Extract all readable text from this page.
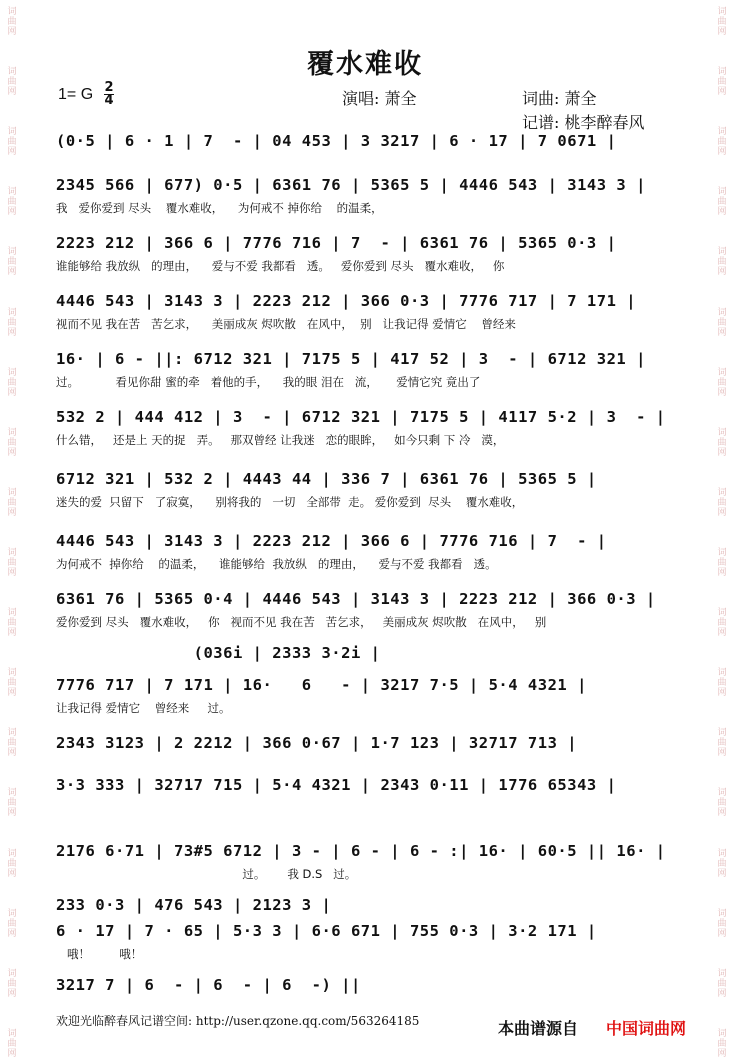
词曲网
词曲网
词曲网
词曲网
词曲网
词曲网
词曲网
词曲网
词曲网
词曲网
词曲网
词曲网
词曲网
词曲网
词曲网
词曲网
词曲网
词曲网
词曲网
词曲网
词曲网
词曲网
词曲网
词曲网
词曲网
词曲网
词曲网
词曲网
词曲网
词曲网
词曲网
词曲网
词曲网
词曲网
词曲网
词曲网
覆水难收
1= G 2
4	演唱: 萧全	词曲: 萧全
记谱: 桃李醉春风
(0·5 | 6 · 1 | 7  - | 04 453 | 3 3217 | 6 · 17 | 7 0671 |
2345 566 | 677) 0·5 | 6361 76 | 5365 5 | 4446 543 | 3143 3 |
我   爱你爱到 尽头    覆水难收，    为何戒不 掉你给    的温柔，
2223 212 | 366 6 | 7776 716 | 7  - | 6361 76 | 5365 0·3 |
谁能够给 我放纵   的理由，    爱与不爱 我都看   透。   爱你爱到 尽头   覆水难收，   你
4446 543 | 3143 3 | 2223 212 | 366 0·3 | 7776 717 | 7 171 |
视而不见 我在苦   苦乞求，    美丽成灰 烬吹散   在风中，  别   让我记得 爱情它    曾经来
16· | 6 - ||: 6712 321 | 7175 5 | 417 52 | 3  - | 6712 321 |
过。          看见你甜 蜜的牵   着他的手，    我的眼 泪在   流，     爱情它究 竟出了
532 2 | 444 412 | 3  - | 6712 321 | 7175 5 | 4117 5·2 | 3  - |
什么错，   还是上 天的捉   弄。   那双曾经 让我迷   恋的眼眸，   如今只剩 下 冷   漠，
6712 321 | 532 2 | 4443 44 | 336 7 | 6361 76 | 5365 5 |
迷失的爱  只留下   了寂寞，    别将我的   一切   全部带  走。 爱你爱到  尽头    覆水难收，
4446 543 | 3143 3 | 2223 212 | 366 6 | 7776 716 | 7  - |
为何戒不  掉你给    的温柔，    谁能够给  我放纵   的理由，    爱与不爱 我都看   透。
6361 76 | 5365 0·4 | 4446 543 | 3143 3 | 2223 212 | 366 0·3 |
爱你爱到 尽头   覆水难收，   你   视而不见 我在苦   苦乞求，   美丽成灰 烬吹散   在风中，   别
(036i | 2333 3·2i |
7776 717 | 7 171 | 16·   6   - | 3217 7·5 | 5·4 4321 |
让我记得 爱情它    曾经来     过。
2343 3123 | 2 2212 | 366 0·67 | 1·7 123 | 32717 713 |
3·3 333 | 32717 715 | 5·4 4321 | 2343 0·11 | 1776 65343 |
2176 6·71 | 73#5 6712 | 3 - | 6 - | 6 - :| 16· | 60·5 || 16· |
过。      我 D.S   过。
233 0·3 | 476 543 | 2123 3 |
6 · 17 | 7 · 65 | 5·3 3 | 6·6 671 | 755 0·3 | 3·2 171 |
哦！        哦！
3217 7 | 6  - | 6  - | 6  -) ||
欢迎光临醉春风记谱空间: http://user.qzone.qq.com/563264185	本曲谱源自 中国词曲网
